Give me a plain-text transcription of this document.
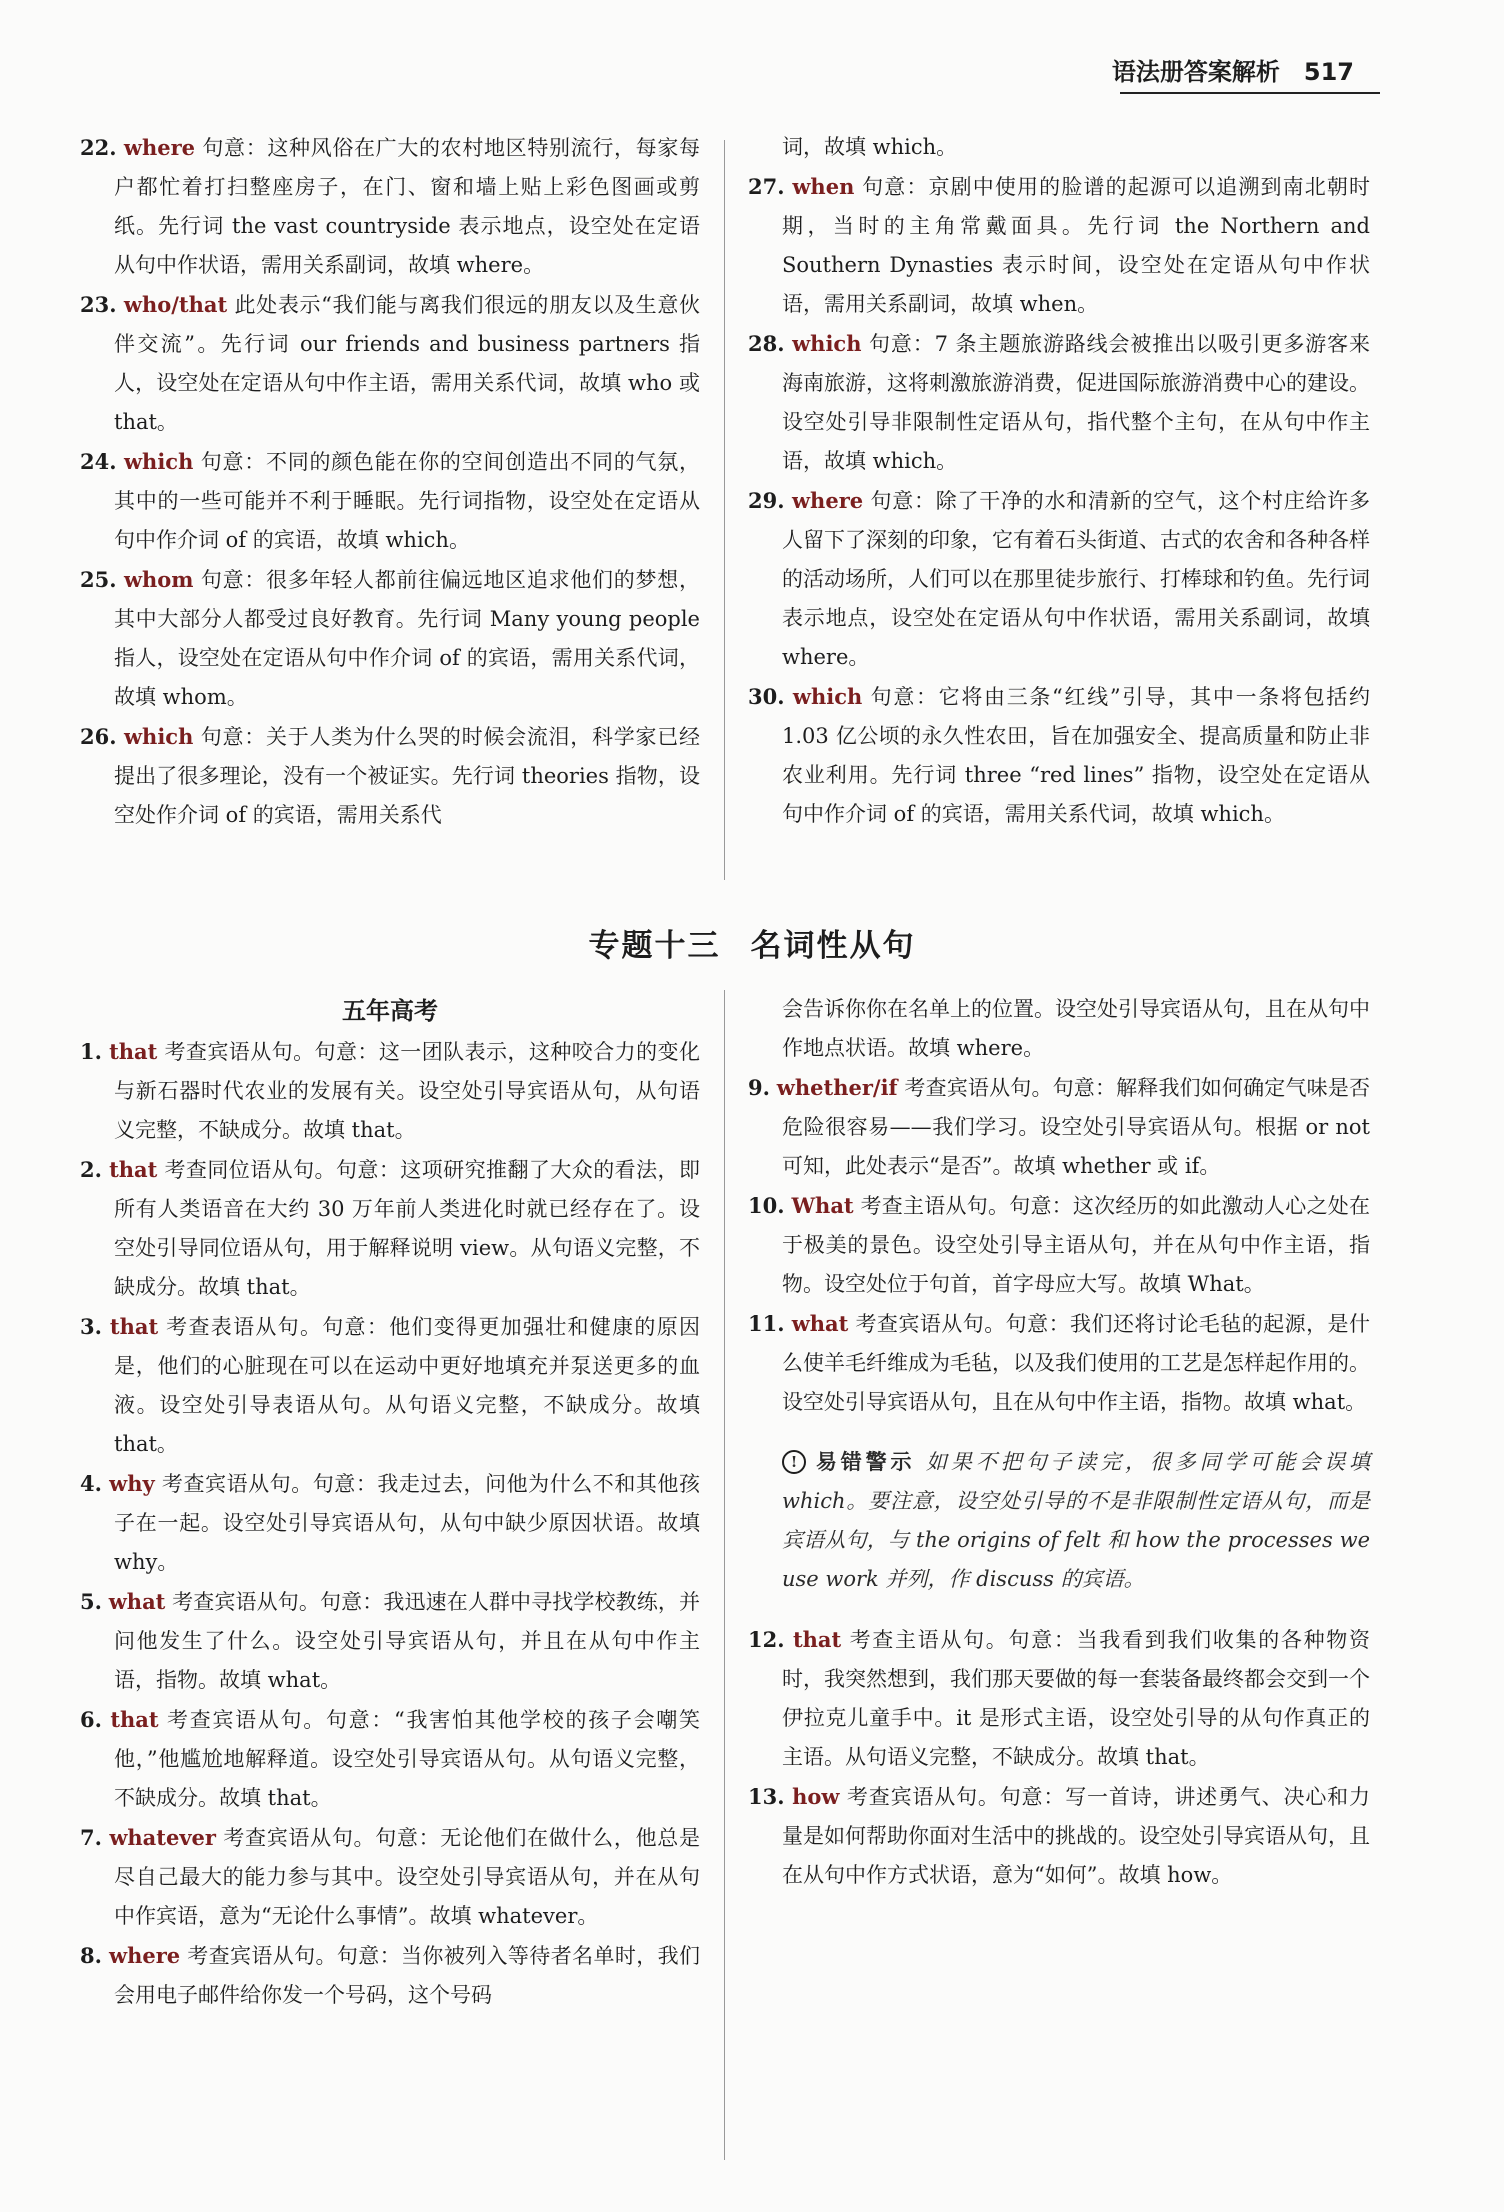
语法册答案解析 517

22. where 句意：这种风俗在广大的农村地区特别流行，每家每户都忙着打扫整座房子，在门、窗和墙上贴上彩色图画或剪纸。先行词 the vast countryside 表示地点，设空处在定语从句中作状语，需用关系副词，故填 where。

23. who/that 此处表示“我们能与离我们很远的朋友以及生意伙伴交流”。先行词 our friends and business partners 指人，设空处在定语从句中作主语，需用关系代词，故填 who 或 that。

24. which 句意：不同的颜色能在你的空间创造出不同的气氛，其中的一些可能并不利于睡眠。先行词指物，设空处在定语从句中作介词 of 的宾语，故填 which。

25. whom 句意：很多年轻人都前往偏远地区追求他们的梦想，其中大部分人都受过良好教育。先行词 Many young people 指人，设空处在定语从句中作介词 of 的宾语，需用关系代词，故填 whom。

26. which 句意：关于人类为什么哭的时候会流泪，科学家已经提出了很多理论，没有一个被证实。先行词 theories 指物，设空处作介词 of 的宾语，需用关系代

词，故填 which。

27. when 句意：京剧中使用的脸谱的起源可以追溯到南北朝时期，当时的主角常戴面具。先行词 the Northern and Southern Dynasties 表示时间，设空处在定语从句中作状语，需用关系副词，故填 when。

28. which 句意：7 条主题旅游路线会被推出以吸引更多游客来海南旅游，这将刺激旅游消费，促进国际旅游消费中心的建设。设空处引导非限制性定语从句，指代整个主句，在从句中作主语，故填 which。

29. where 句意：除了干净的水和清新的空气，这个村庄给许多人留下了深刻的印象，它有着石头街道、古式的农舍和各种各样的活动场所，人们可以在那里徒步旅行、打棒球和钓鱼。先行词表示地点，设空处在定语从句中作状语，需用关系副词，故填 where。

30. which 句意：它将由三条“红线”引导，其中一条将包括约 1.03 亿公顷的永久性农田，旨在加强安全、提高质量和防止非农业利用。先行词 three “red lines” 指物，设空处在定语从句中作介词 of 的宾语，需用关系代词，故填 which。

专题十三 名词性从句

五年高考

1. that 考查宾语从句。句意：这一团队表示，这种咬合力的变化与新石器时代农业的发展有关。设空处引导宾语从句，从句语义完整，不缺成分。故填 that。

2. that 考查同位语从句。句意：这项研究推翻了大众的看法，即所有人类语音在大约 30 万年前人类进化时就已经存在了。设空处引导同位语从句，用于解释说明 view。从句语义完整，不缺成分。故填 that。

3. that 考查表语从句。句意：他们变得更加强壮和健康的原因是，他们的心脏现在可以在运动中更好地填充并泵送更多的血液。设空处引导表语从句。从句语义完整，不缺成分。故填 that。

4. why 考查宾语从句。句意：我走过去，问他为什么不和其他孩子在一起。设空处引导宾语从句，从句中缺少原因状语。故填 why。

5. what 考查宾语从句。句意：我迅速在人群中寻找学校教练，并问他发生了什么。设空处引导宾语从句，并且在从句中作主语，指物。故填 what。

6. that 考查宾语从句。句意：“我害怕其他学校的孩子会嘲笑他，”他尴尬地解释道。设空处引导宾语从句。从句语义完整，不缺成分。故填 that。

7. whatever 考查宾语从句。句意：无论他们在做什么，他总是尽自己最大的能力参与其中。设空处引导宾语从句，并在从句中作宾语，意为“无论什么事情”。故填 whatever。

8. where 考查宾语从句。句意：当你被列入等待者名单时，我们会用电子邮件给你发一个号码，这个号码

会告诉你你在名单上的位置。设空处引导宾语从句，且在从句中作地点状语。故填 where。

9. whether/if 考查宾语从句。句意：解释我们如何确定气味是否危险很容易——我们学习。设空处引导宾语从句。根据 or not 可知，此处表示“是否”。故填 whether 或 if。

10. What 考查主语从句。句意：这次经历的如此激动人心之处在于极美的景色。设空处引导主语从句，并在从句中作主语，指物。设空处位于句首，首字母应大写。故填 What。

11. what 考查宾语从句。句意：我们还将讨论毛毡的起源，是什么使羊毛纤维成为毛毡，以及我们使用的工艺是怎样起作用的。设空处引导宾语从句，且在从句中作主语，指物。故填 what。

! 易错警示 如果不把句子读完，很多同学可能会误填 which。要注意，设空处引导的不是非限制性定语从句，而是宾语从句，与 the origins of felt 和 how the processes we use work 并列，作 discuss 的宾语。

12. that 考查主语从句。句意：当我看到我们收集的各种物资时，我突然想到，我们那天要做的每一套装备最终都会交到一个伊拉克儿童手中。it 是形式主语，设空处引导的从句作真正的主语。从句语义完整，不缺成分。故填 that。

13. how 考查宾语从句。句意：写一首诗，讲述勇气、决心和力量是如何帮助你面对生活中的挑战的。设空处引导宾语从句，且在从句中作方式状语，意为“如何”。故填 how。
